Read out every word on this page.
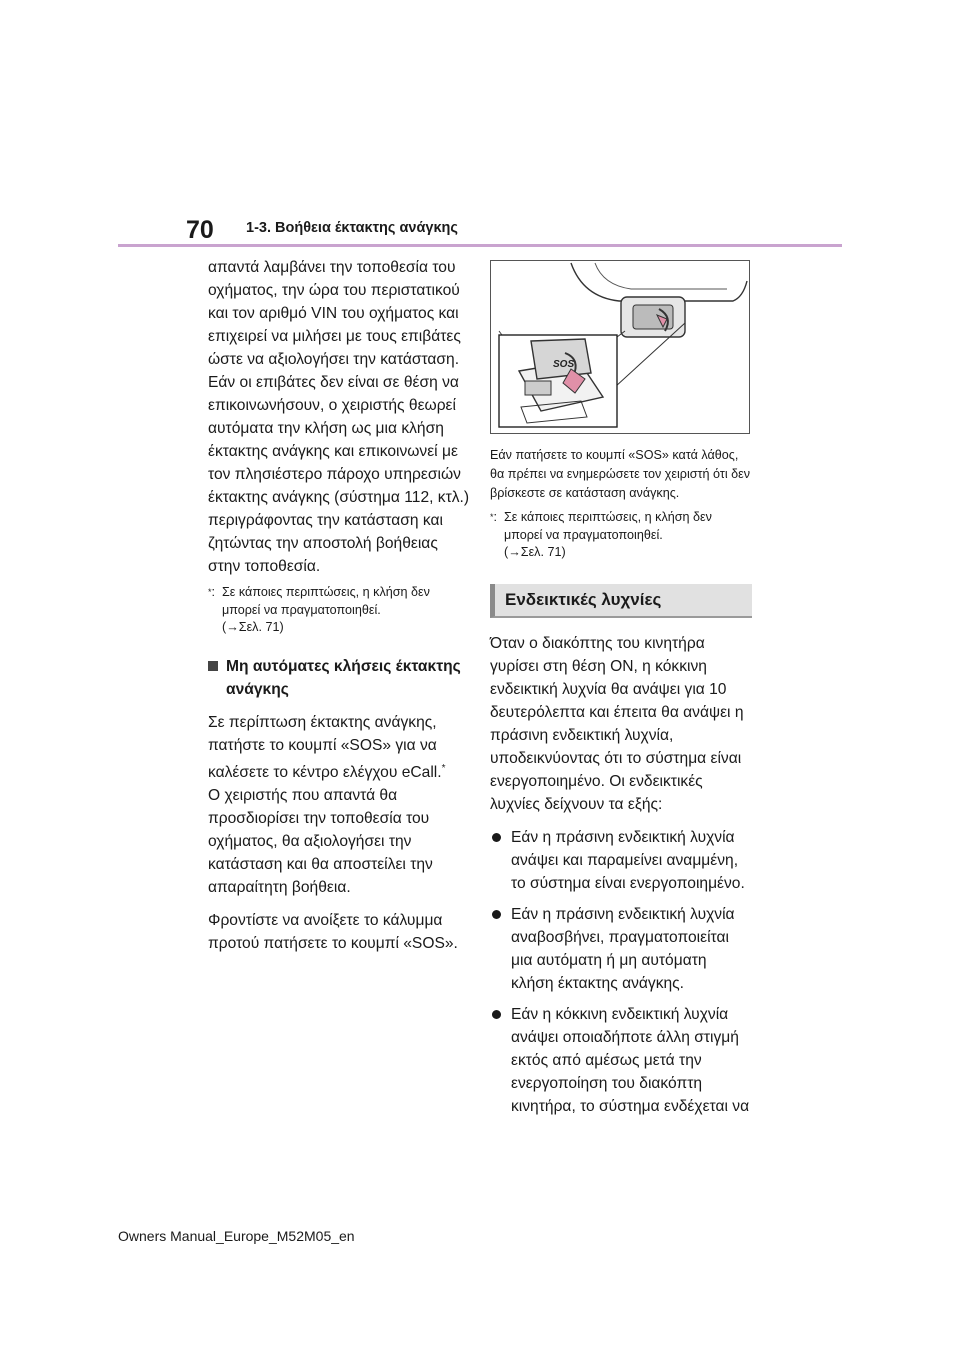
70 1-3. Βοήθεια έκτακτης ανάγκης

απαντά λαμβάνει την τοποθεσία του οχήματος, την ώρα του περιστατικού και τον αριθμό VIN του οχήματος και επιχειρεί να μιλήσει με τους επιβάτες ώστε να αξιολογήσει την κατάσταση. Εάν οι επιβάτες δεν είναι σε θέση να επικοινωνήσουν, ο χειριστής θεωρεί αυτόματα την κλήση ως μια κλήση έκτακτης ανάγκης και επικοινωνεί με τον πλησιέστερο πάροχο υπηρεσιών έκτακτης ανάγκης (σύστημα 112, κτλ.) περιγράφοντας την κατάσταση και ζητώντας την αποστολή βοήθειας στην τοποθεσία.

*: Σε κάποιες περιπτώσεις, η κλήση δεν μπορεί να πραγματοποιηθεί.
(→Σελ. 71)
Μη αυτόματες κλήσεις έκτακτης ανάγκης

Σε περίπτωση έκτακτης ανάγκης, πατήστε το κουμπί «SOS» για να καλέσετε το κέντρο ελέγχου eCall.*

Ο χειριστής που απαντά θα προσδιορίσει την τοποθεσία του οχήματος, θα αξιολογήσει την κατάσταση και θα αποστείλει την απαραίτητη βοήθεια.

Φροντίστε να ανοίξετε το κάλυμμα προτού πατήσετε το κουμπί «SOS».

SOS
Εάν πατήσετε το κουμπί «SOS» κατά λάθος, θα πρέπει να ενημερώσετε τον χειριστή ότι δεν βρίσκεστε σε κατάσταση ανάγκης.
*: Σε κάποιες περιπτώσεις, η κλήση δεν μπορεί να πραγματοποιηθεί.
(→Σελ. 71)
Ενδεικτικές λυχνίες

Όταν ο διακόπτης του κινητήρα γυρίσει στη θέση ON, η κόκκινη ενδεικτική λυχνία θα ανάψει για 10 δευτερόλεπτα και έπειτα θα ανάψει η πράσινη ενδεικτική λυχνία, υποδεικνύοντας ότι το σύστημα είναι ενεργοποιημένο. Οι ενδεικτικές λυχνίες δείχνουν τα εξής:

Εάν η πράσινη ενδεικτική λυχνία ανάψει και παραμείνει αναμμένη, το σύστημα είναι ενεργοποιημένο.

Εάν η πράσινη ενδεικτική λυχνία αναβοσβήνει, πραγματοποιείται μια αυτόματη ή μη αυτόματη κλήση έκτακτης ανάγκης.

Εάν η κόκκινη ενδεικτική λυχνία ανάψει οποιαδήποτε άλλη στιγμή εκτός από αμέσως μετά την ενεργοποίηση του διακόπτη κινητήρα, το σύστημα ενδέχεται να

Owners Manual_Europe_M52M05_en
